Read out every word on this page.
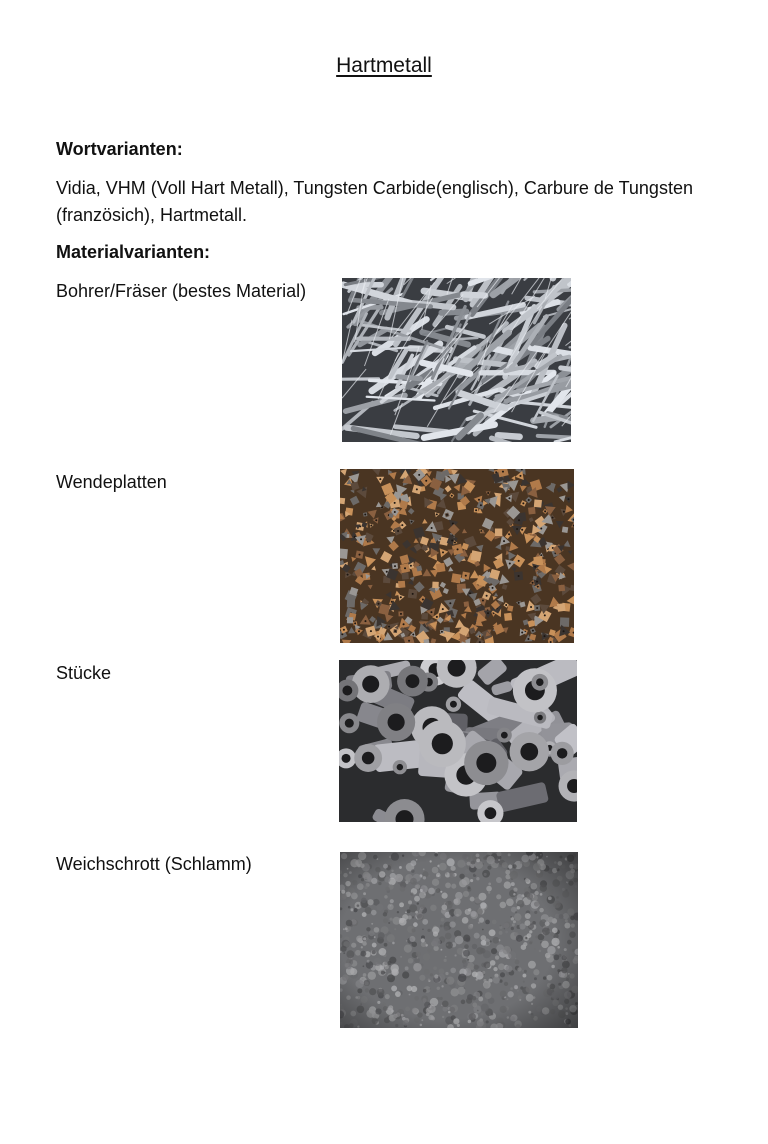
Hartmetall
Wortvarianten:
Vidia, VHM (Voll Hart Metall), Tungsten Carbide(englisch), Carbure de Tungsten (französich), Hartmetall.
Materialvarianten:
Bohrer/Fräser (bestes Material)
Wendeplatten
Stücke
Weichschrott (Schlamm)
